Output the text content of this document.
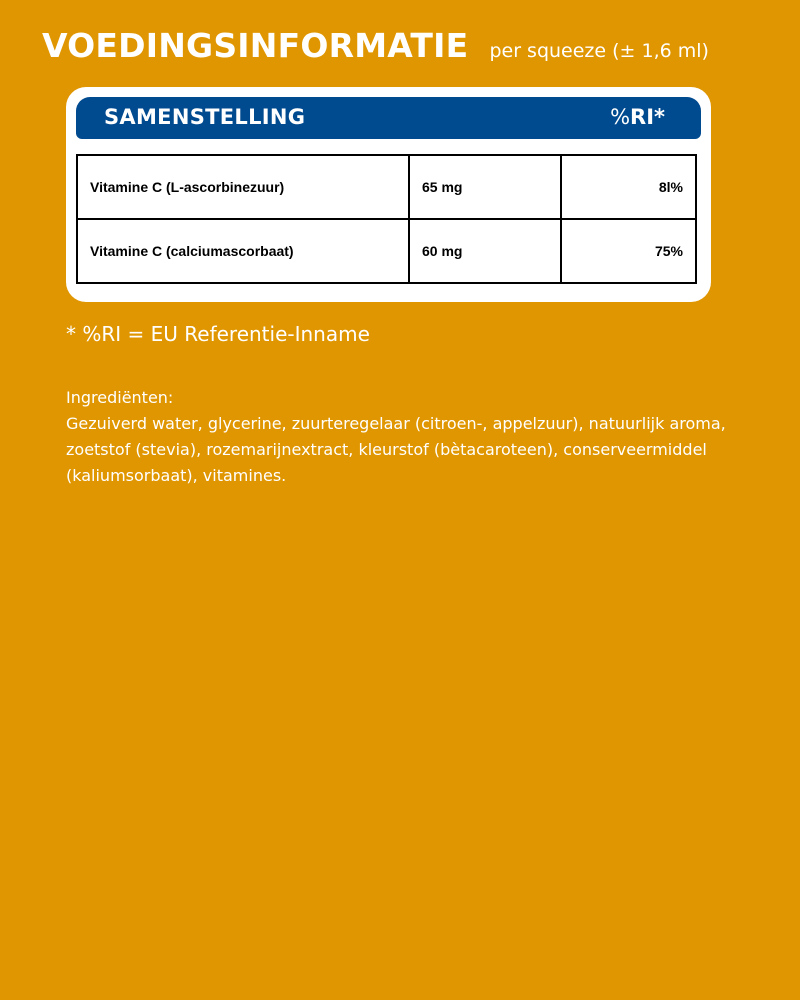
VOEDINGSINFORMATIE per squeeze (± 1,6 ml)
SAMENSTELLING	%RI*
Vitamine C (L-ascorbinezuur)	65 mg	8l%
Vitamine C (calciumascorbaat)	60 mg	75%
* %RI = EU Referentie-Inname
Ingrediënten:
Gezuiverd water, glycerine, zuurteregelaar (citroen-, appelzuur), natuurlijk aroma, zoetstof (stevia), rozemarijnextract, kleurstof (bètacaroteen), conserveermiddel (kaliumsorbaat), vitamines.
